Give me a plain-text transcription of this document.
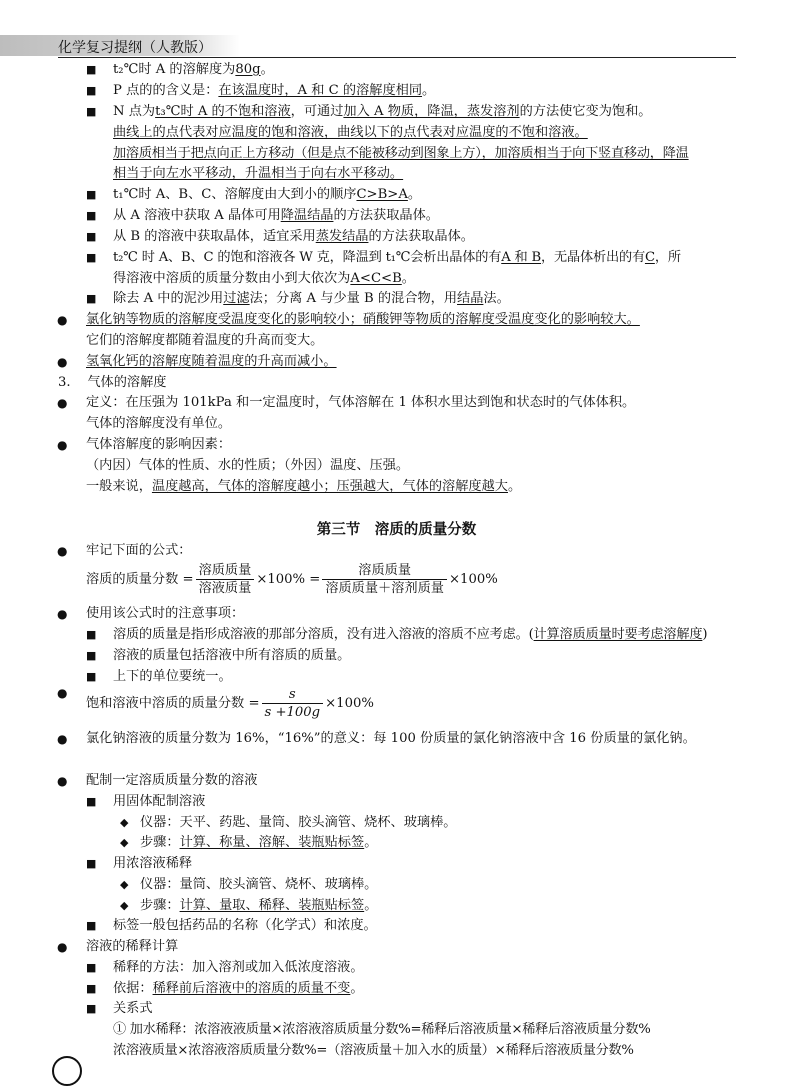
化学复习提纲（人教版）
■ t₂℃时 A 的溶解度为80g。
■ P 点的的含义是：在该温度时，A 和 C 的溶解度相同。
■ N 点为t₃℃时 A 的不饱和溶液，可通过加入 A 物质，降温，蒸发溶剂的方法使它变为饱和。
曲线上的点代表对应温度的饱和溶液，曲线以下的点代表对应温度的不饱和溶液。
加溶质相当于把点向正上方移动（但是点不能被移动到图象上方），加溶质相当于向下竖直移动，降温
相当于向左水平移动，升温相当于向右水平移动。
■ t₁℃时 A、B、C、溶解度由大到小的顺序C>B>A。
■ 从 A 溶液中获取 A 晶体可用降温结晶的方法获取晶体。
■ 从 B 的溶液中获取晶体，适宜采用蒸发结晶的方法获取晶体。
■ t₂℃ 时 A、B、C 的饱和溶液各 W 克，降温到 t₁℃会析出晶体的有A 和 B，无晶体析出的有C，所
得溶液中溶质的质量分数由小到大依次为A<C<B。
■ 除去 A 中的泥沙用过滤法；分离 A 与少量 B 的混合物，用结晶法。
● 氯化钠等物质的溶解度受温度变化的影响较小；硝酸钾等物质的溶解度受温度变化的影响较大。
它们的溶解度都随着温度的升高而变大。
● 氢氧化钙的溶解度随着温度的升高而减小。
3. 气体的溶解度
● 定义：在压强为 101kPa 和一定温度时，气体溶解在 1 体积水里达到饱和状态时的气体体积。
气体的溶解度没有单位。
● 气体溶解度的影响因素：
（内因）气体的性质、水的性质；（外因）温度、压强。
一般来说，温度越高，气体的溶解度越小；压强越大，气体的溶解度越大。
第三节　溶质的质量分数
● 牢记下面的公式：
溶质的质量分数 = $\frac{\text{溶质质量}}{\text{溶液质量}} \times 100\% = \frac{\text{溶质质量}}{\text{溶质质量＋溶剂质量}} \times 100\%$
● 使用该公式时的注意事项：
■ 溶质的质量是指形成溶液的那部分溶质，没有进入溶液的溶质不应考虑。(计算溶质质量时要考虑溶解度)
■ 溶液的质量包括溶液中所有溶质的质量。
■ 上下的单位要统一。
● 饱和溶液中溶质的质量分数 = $\frac{s}{s +100g} \times 100\%$
● 氯化钠溶液的质量分数为 16%，“16%”的意义：每 100 份质量的氯化钠溶液中含 16 份质量的氯化钠。
● 配制一定溶质质量分数的溶液
■ 用固体配制溶液
◆ 仪器：天平、药匙、量筒、胶头滴管、烧杯、玻璃棒。
◆ 步骤：计算、称量、溶解、装瓶贴标签。
■ 用浓溶液稀释
◆ 仪器：量筒、胶头滴管、烧杯、玻璃棒。
◆ 步骤：计算、量取、稀释、装瓶贴标签。
■ 标签一般包括药品的名称（化学式）和浓度。
● 溶液的稀释计算
■ 稀释的方法：加入溶剂或加入低浓度溶液。
■ 依据：稀释前后溶液中的溶质的质量不变。
■ 关系式
① 加水稀释：浓溶液液质量×浓溶液溶质质量分数%=稀释后溶液质量×稀释后溶液质量分数%
浓溶液质量×浓溶液溶质质量分数%=（溶液质量＋加入水的质量）×稀释后溶液质量分数%
